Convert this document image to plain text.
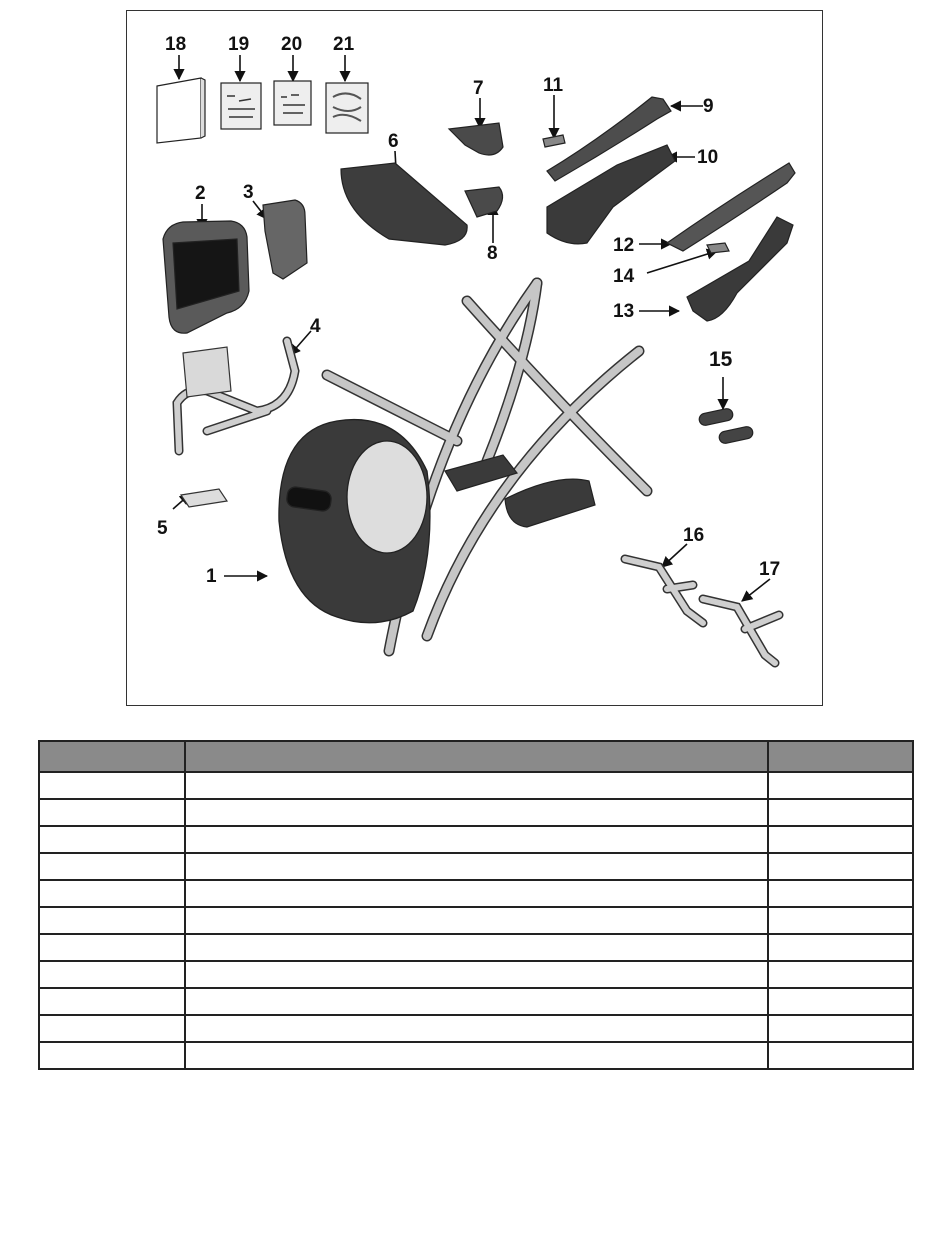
18 19 20 21
7	11
9
6
10
2 3
8	12
14
13
4
15
5	16
1	17
